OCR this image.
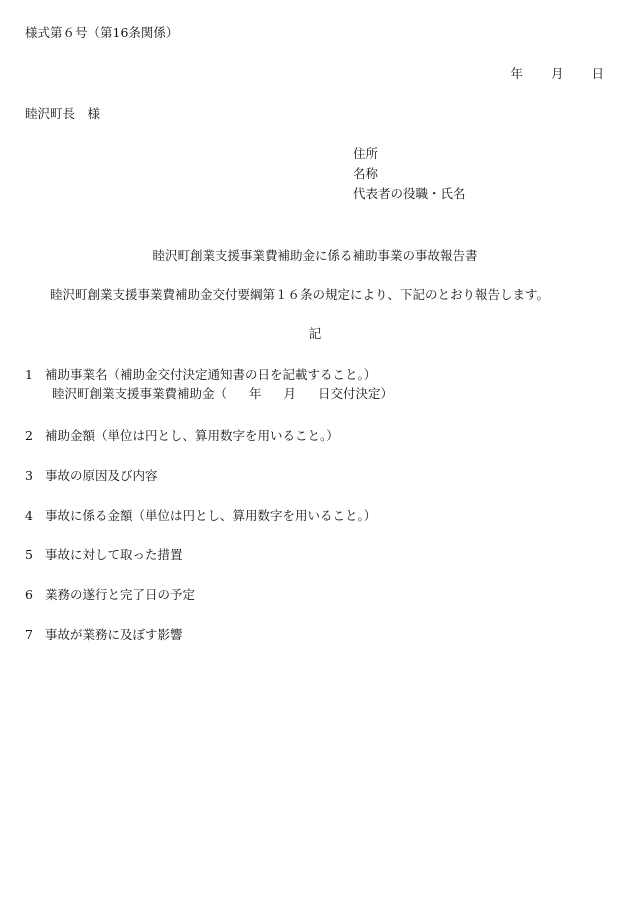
様式第６号（第16条関係）
年 月 日
睦沢町長　様
住所
名称
代表者の役職・氏名
睦沢町創業支援事業費補助金に係る補助事業の事故報告書
睦沢町創業支援事業費補助金交付要綱第１６条の規定により、下記のとおり報告します。
記
1 補助事業名（補助金交付決定通知書の日を記載すること。）
睦沢町創業支援事業費補助金（ 年 月 日交付決定）
2 補助金額（単位は円とし、算用数字を用いること。）
3 事故の原因及び内容
4 事故に係る金額（単位は円とし、算用数字を用いること。）
5 事故に対して取った措置
6 業務の遂行と完了日の予定
7 事故が業務に及ぼす影響
